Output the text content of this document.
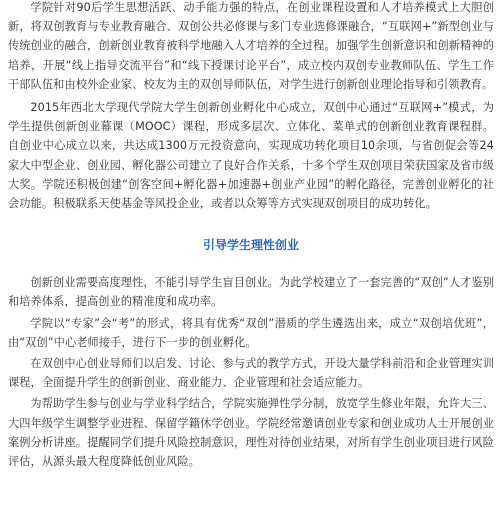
学院针对90后学生思想活跃、动手能力强的特点，在创业课程设置和人才培养模式上大胆创新，将双创教育与专业教育融合、双创公共必修课与多门专业选修课融合，“互联网+”新型创业与传统创业的融合，创新创业教育被科学地融入人才培养的全过程。加强学生创新意识和创新精神的培养，开展“线上指导交流平台”和“线下授课讨论平台”，成立校内双创专业教师队伍、学生工作干部队伍和由校外企业家、校友为主的双创导师队伍，对学生进行创新创业理论指导和引领教育。

2015年西北大学现代学院大学生创新创业孵化中心成立，双创中心通过“互联网+”模式，为学生提供创新创业幕课（MOOC）课程，形成多层次、立体化、菜单式的创新创业教育课程群。自创业中心成立以来，共达成1300万元投资意向，实现成功转化项目10余项，与省创促会等24家大中型企业、创业园、孵化器公司建立了良好合作关系，十多个学生双创项目荣获国家及省市级大奖。学院还积极创建“创客空间+孵化器+加速器+创业产业园”的孵化路径，完善创业孵化的社会功能。积极联系天使基金等风投企业，或者以众筹等方式实现双创项目的成功转化。

引导学生理性创业

创新创业需要高度理性，不能引导学生盲目创业。为此学校建立了一套完善的“双创”人才鉴别和培养体系，提高创业的精准度和成功率。

学院以“专家”会“考”的形式，将具有优秀“双创”潜质的学生遴选出来，成立“双创培优班”，由“双创”中心老师接手，进行下一步的创业孵化。

在双创中心创业导师们以启发、讨论、参与式的教学方式，开设大量学科前沿和企业管理实训课程，全面提升学生的创新创业、商业能力、企业管理和社会适应能力。

为帮助学生参与创业与学业科学结合，学院实施弹性学分制，放宽学生修业年限，允许大三、大四年级学生调整学业进程、保留学籍休学创业。学院经常邀请创业专家和创业成功人士开展创业案例分析讲座。提醒同学们提升风险控制意识，理性对待创业结果，对所有学生创业项目进行风险评估，从源头最大程度降低创业风险。
